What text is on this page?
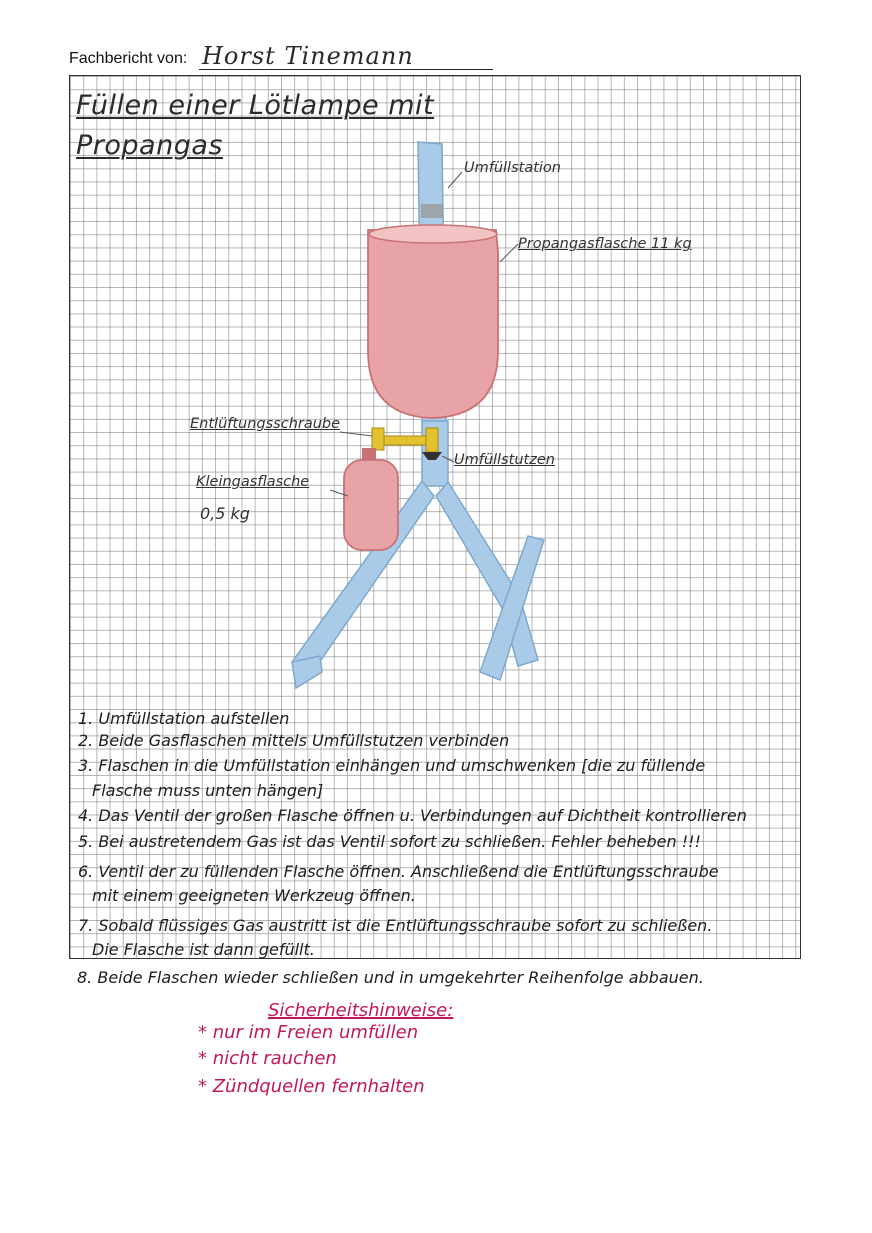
Fachbericht von: Horst Tinemann
Füllen einer Lötlampe mit
Propangas
Umfüllstation
Propangasflasche 11 kg
Entlüftungsschraube
Kleingasflasche
0,5 kg
Umfüllstutzen
1. Umfüllstation aufstellen
2. Beide Gasflaschen mittels Umfüllstutzen verbinden
3. Flaschen in die Umfüllstation einhängen und umschwenken [die zu füllende
Flasche muss unten hängen]
4. Das Ventil der großen Flasche öffnen u. Verbindungen auf Dichtheit kontrollieren
5. Bei austretendem Gas ist das Ventil sofort zu schließen. Fehler beheben !!!
6. Ventil der zu füllenden Flasche öffnen. Anschließend die Entlüftungsschraube
mit einem geeigneten Werkzeug öffnen.
7. Sobald flüssiges Gas austritt ist die Entlüftungsschraube sofort zu schließen.
Die Flasche ist dann gefüllt.
8. Beide Flaschen wieder schließen und in umgekehrter Reihenfolge abbauen.
Sicherheitshinweise:
* nur im Freien umfüllen
* nicht rauchen
* Zündquellen fernhalten
